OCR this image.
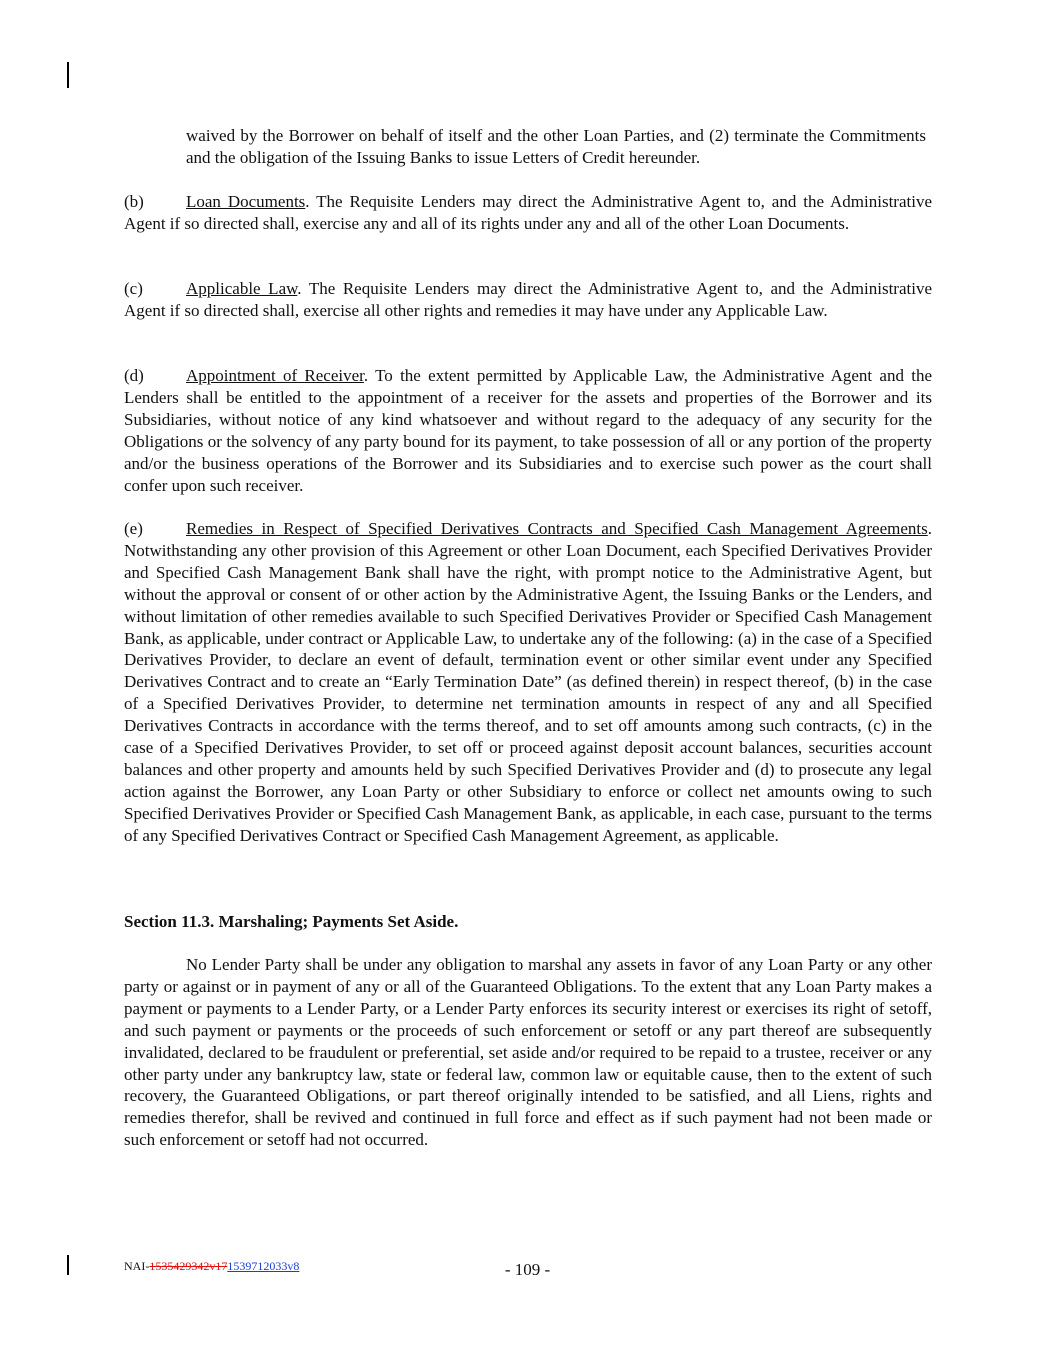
waived by the Borrower on behalf of itself and the other Loan Parties, and (2) terminate the Commitments and the obligation of the Issuing Banks to issue Letters of Credit hereunder.

(b) Loan Documents. The Requisite Lenders may direct the Administrative Agent to, and the Administrative Agent if so directed shall, exercise any and all of its rights under any and all of the other Loan Documents.

(c)	Applicable Law. The Requisite Lenders may direct the Administrative Agent to, and the Administrative Agent if so directed shall, exercise all other rights and remedies it may have under any Applicable Law.

(d) Appointment of Receiver. To the extent permitted by Applicable Law, the Administrative Agent and the Lenders shall be entitled to the appointment of a receiver for the assets and properties of the Borrower and its Subsidiaries, without notice of any kind whatsoever and without regard to the adequacy of any security for the Obligations or the solvency of any party bound for its payment, to take possession of all or any portion of the property and/or the business operations of the Borrower and its Subsidiaries and to exercise such power as the court shall confer upon such receiver.

(e)	Remedies in Respect of Specified Derivatives Contracts and Specified Cash Management Agreements. Notwithstanding any other provision of this Agreement or other Loan Document, each Specified Derivatives Provider and Specified Cash Management Bank shall have the right, with prompt notice to the Administrative Agent, but without the approval or consent of or other action by the Administrative Agent, the Issuing Banks or the Lenders, and without limitation of other remedies available to such Specified Derivatives Provider or Specified Cash Management Bank, as applicable, under contract or Applicable Law, to undertake any of the following: (a) in the case of a Specified Derivatives Provider, to declare an event of default, termination event or other similar event under any Specified Derivatives Contract and to create an “Early Termination Date” (as defined therein) in respect thereof, (b) in the case of a Specified Derivatives Provider, to determine net termination amounts in respect of any and all Specified Derivatives Contracts in accordance with the terms thereof, and to set off amounts among such contracts, (c) in the case of a Specified Derivatives Provider, to set off or proceed against deposit account balances, securities account balances and other property and amounts held by such Specified Derivatives Provider and (d) to prosecute any legal action against the Borrower, any Loan Party or other Subsidiary to enforce or collect net amounts owing to such Specified Derivatives Provider or Specified Cash Management Bank, as applicable, in each case, pursuant to the terms of any Specified Derivatives Contract or Specified Cash Management Agreement, as applicable.

Section 11.3. Marshaling; Payments Set Aside.

No Lender Party shall be under any obligation to marshal any assets in favor of any Loan Party or any other party or against or in payment of any or all of the Guaranteed Obligations. To the extent that any Loan Party makes a payment or payments to a Lender Party, or a Lender Party enforces its security interest or exercises its right of setoff, and such payment or payments or the proceeds of such enforcement or setoff or any part thereof are subsequently invalidated, declared to be fraudulent or preferential, set aside and/or required to be repaid to a trustee, receiver or any other party under any bankruptcy law, state or federal law, common law or equitable cause, then to the extent of such recovery, the Guaranteed Obligations, or part thereof originally intended to be satisfied, and all Liens, rights and remedies therefor, shall be revived and continued in full force and effect as if such payment had not been made or such enforcement or setoff had not occurred.

NAI-1535429342v171539712033v8	- 109 -
